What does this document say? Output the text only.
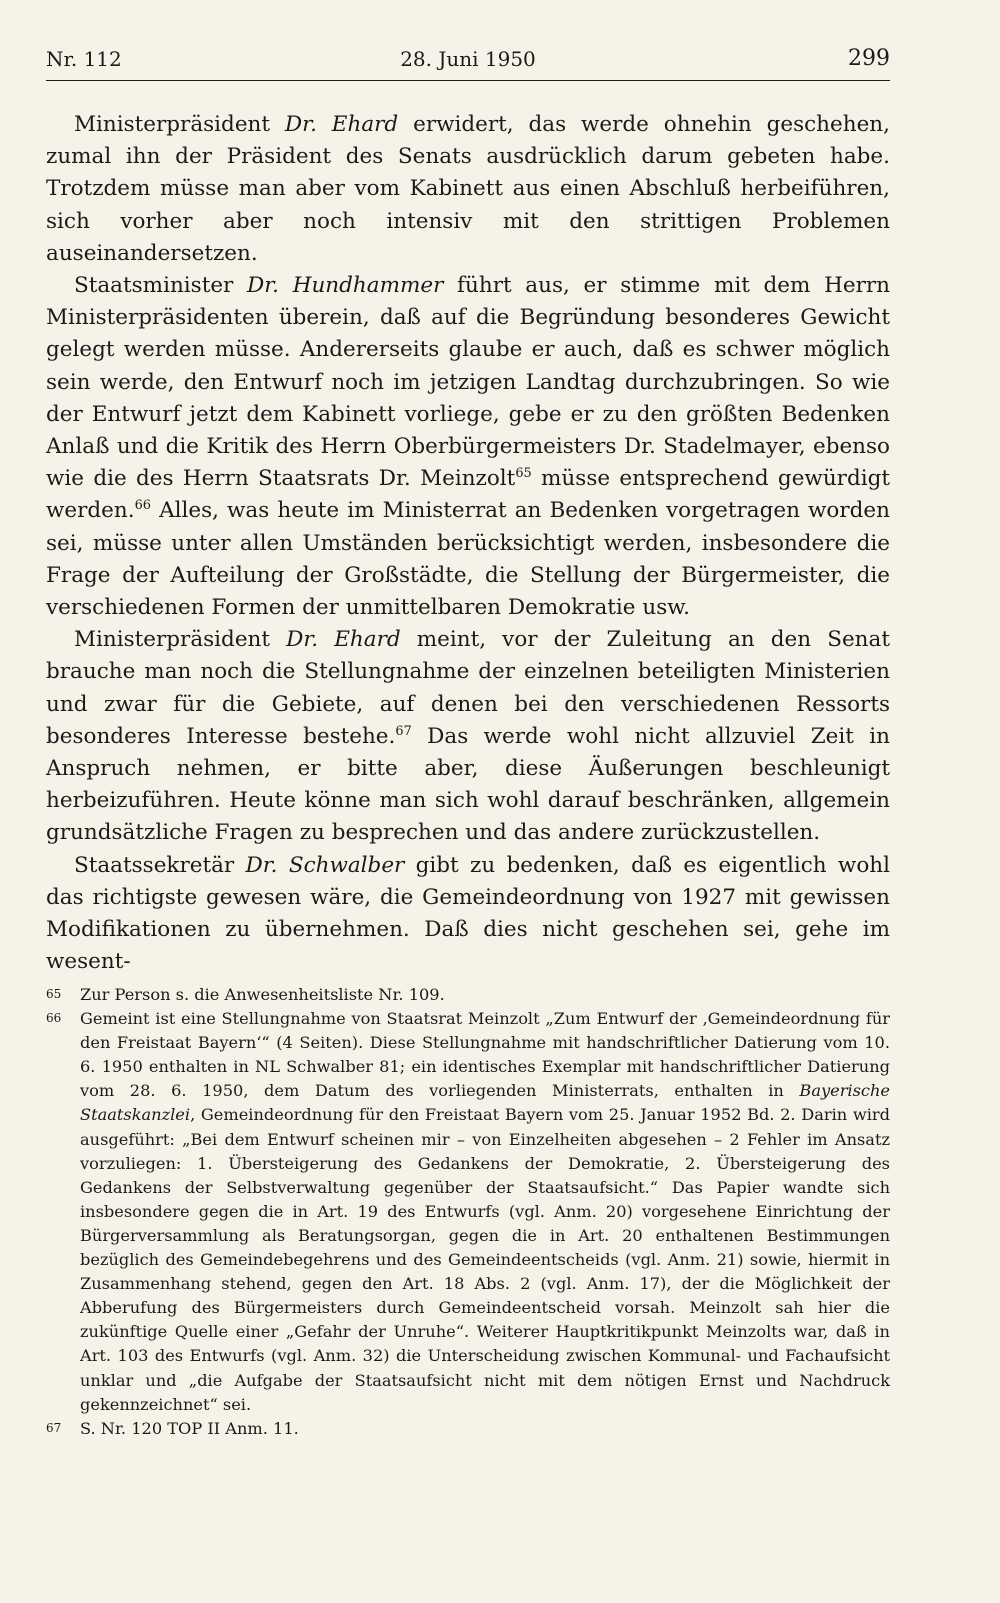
Nr. 112	28. Juni 1950	299

Ministerpräsident Dr. Ehard erwidert, das werde ohnehin geschehen, zumal ihn der Präsident des Senats ausdrücklich darum gebeten habe. Trotzdem müsse man aber vom Kabinett aus einen Abschluß herbeiführen, sich vorher aber noch intensiv mit den strittigen Problemen auseinandersetzen.

Staatsminister Dr. Hundhammer führt aus, er stimme mit dem Herrn Ministerpräsidenten überein, daß auf die Begründung besonderes Gewicht gelegt werden müsse. Andererseits glaube er auch, daß es schwer möglich sein werde, den Entwurf noch im jetzigen Landtag durchzubringen. So wie der Entwurf jetzt dem Kabinett vorliege, gebe er zu den größten Bedenken Anlaß und die Kritik des Herrn Oberbürgermeisters Dr. Stadelmayer, ebenso wie die des Herrn Staatsrats Dr. Meinzolt$^{65}$ müsse entsprechend gewürdigt werden.$^{66}$ Alles, was heute im Ministerrat an Bedenken vorgetragen worden sei, müsse unter allen Umständen berücksichtigt werden, insbesondere die Frage der Aufteilung der Großstädte, die Stellung der Bürgermeister, die verschiedenen Formen der unmittelbaren Demokratie usw.

Ministerpräsident Dr. Ehard meint, vor der Zuleitung an den Senat brauche man noch die Stellungnahme der einzelnen beteiligten Ministerien und zwar für die Gebiete, auf denen bei den verschiedenen Ressorts besonderes Interesse bestehe.$^{67}$ Das werde wohl nicht allzuviel Zeit in Anspruch nehmen, er bitte aber, diese Äußerungen beschleunigt herbeizuführen. Heute könne man sich wohl darauf beschränken, allgemein grundsätzliche Fragen zu besprechen und das andere zurückzustellen.

Staatssekretär Dr. Schwalber gibt zu bedenken, daß es eigentlich wohl das richtigste gewesen wäre, die Gemeindeordnung von 1927 mit gewissen Modifikationen zu übernehmen. Daß dies nicht geschehen sei, gehe im wesent-

65 Zur Person s. die Anwesenheitsliste Nr. 109.

66 Gemeint ist eine Stellungnahme von Staatsrat Meinzolt „Zum Entwurf der ‚Gemeindeordnung für den Freistaat Bayern‘“ (4 Seiten). Diese Stellungnahme mit handschriftlicher Datierung vom 10. 6. 1950 enthalten in NL Schwalber 81; ein identisches Exemplar mit handschriftlicher Datierung vom 28. 6. 1950, dem Datum des vorliegenden Ministerrats, enthalten in Bayerische Staatskanzlei, Gemeindeordnung für den Freistaat Bayern vom 25. Januar 1952 Bd. 2. Darin wird ausgeführt: „Bei dem Entwurf scheinen mir – von Einzelheiten abgesehen – 2 Fehler im Ansatz vorzuliegen: 1. Übersteigerung des Gedankens der Demokratie, 2. Übersteigerung des Gedankens der Selbstverwaltung gegenüber der Staatsaufsicht.“ Das Papier wandte sich insbesondere gegen die in Art. 19 des Entwurfs (vgl. Anm. 20) vorgesehene Einrichtung der Bürgerversammlung als Beratungsorgan, gegen die in Art. 20 enthaltenen Bestimmungen bezüglich des Gemeindebegehrens und des Gemeindeentscheids (vgl. Anm. 21) sowie, hiermit in Zusammenhang stehend, gegen den Art. 18 Abs. 2 (vgl. Anm. 17), der die Möglichkeit der Abberufung des Bürgermeisters durch Gemeindeentscheid vorsah. Meinzolt sah hier die zukünftige Quelle einer „Gefahr der Unruhe“. Weiterer Hauptkritikpunkt Meinzolts war, daß in Art. 103 des Entwurfs (vgl. Anm. 32) die Unterscheidung zwischen Kommunal- und Fachaufsicht unklar und „die Aufgabe der Staatsaufsicht nicht mit dem nötigen Ernst und Nachdruck gekennzeichnet“ sei.

67 S. Nr. 120 TOP II Anm. 11.
